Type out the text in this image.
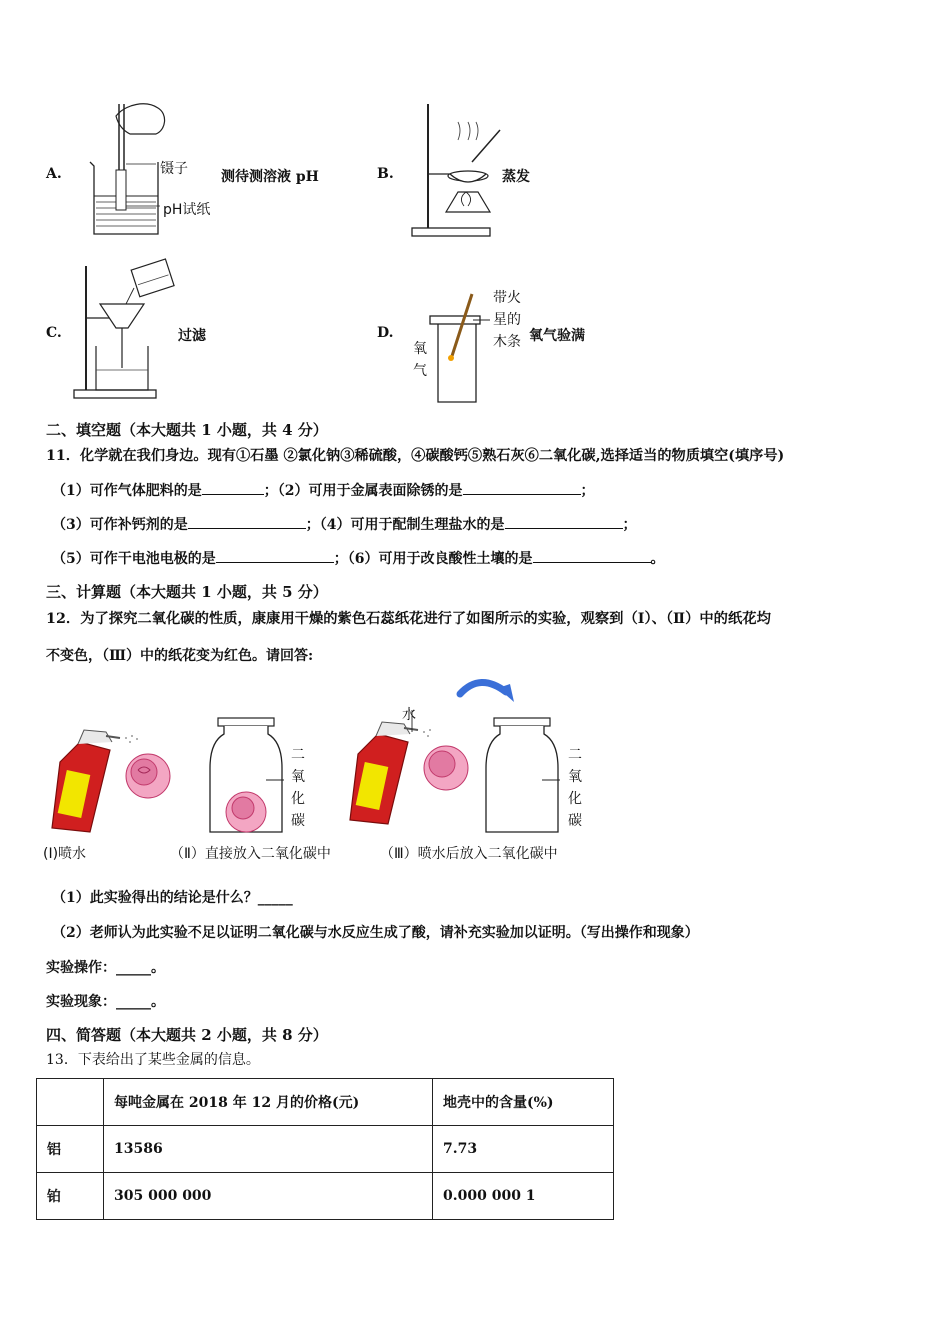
A.	镊子
pH试纸
测待测溶液 pH	B.	蒸发
C.	过滤	D.
带火
星的
木条 氧气验满
氧
气
二、填空题（本大题共 1 小题，共 4 分）
11．化学就在我们身边。现有①石墨 ②氯化钠③稀硫酸，④碳酸钙⑤熟石灰⑥二氧化碳,选择适当的物质填空(填序号)
（1）可作气体肥料的是	；（2）可用于金属表面除锈的是	；
（3）可作补钙剂的是	；（4）可用于配制生理盐水的是	；
（5）可作干电池电极的是	；（6）可用于改良酸性土壤的是	。
三、计算题（本大题共 1 小题，共 5 分）
12．为了探究二氧化碳的性质，康康用干燥的紫色石蕊纸花进行了如图所示的实验，观察到（I）、（Ⅱ）中的纸花均
不变色，（Ⅲ）中的纸花变为红色。请回答:
水
二
氧
化
碳
二
氧
化
碳
(I)喷水	（Ⅱ）直接放入二氧化碳中	（Ⅲ）喷水后放入二氧化碳中
（1）此实验得出的结论是什么？_____
（2）老师认为此实验不足以证明二氧化碳与水反应生成了酸，请补充实验加以证明。（写出操作和现象）
实验操作：_____。
实验现象：_____。
四、简答题（本大题共 2 小题，共 8 分）
13．下表给出了某些金属的信息。
	每吨金属在 2018 年 12 月的价格(元)	地壳中的含量(%)
铝	13586	7.73
铂	305 000 000	0.000 000 1
